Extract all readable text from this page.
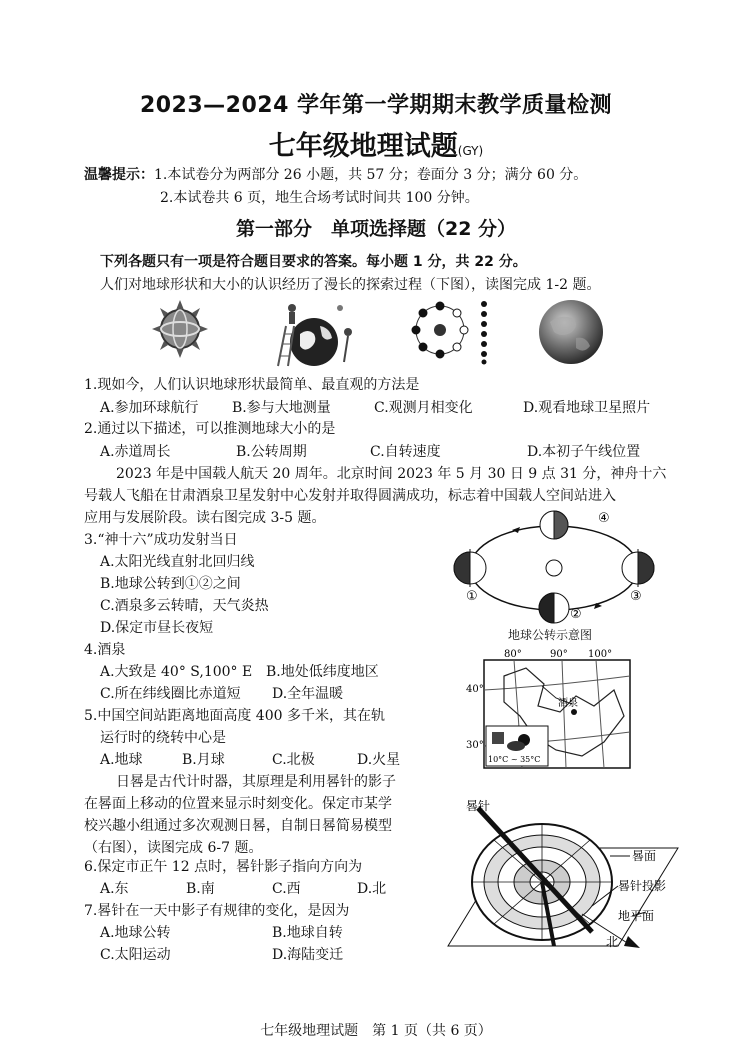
2023—2024 学年第一学期期末教学质量检测
七年级地理试题(GY)
温馨提示：1.本试卷分为两部分 26 小题，共 57 分；卷面分 3 分；满分 60 分。
2.本试卷共 6 页，地生合场考试时间共 100 分钟。
第一部分　单项选择题（22 分）
下列各题只有一项是符合题目要求的答案。每小题 1 分，共 22 分。
人们对地球形状和大小的认识经历了漫长的探索过程（下图），读图完成 1-2 题。
1.现如今，人们认识地球形状最简单、最直观的方法是
A.参加环球航行 B.参与大地测量	C.观测月相变化	D.观看地球卫星照片
2.通过以下描述，可以推测地球大小的是
A.赤道周长	B.公转周期	C.自转速度	D.本初子午线位置
2023 年是中国载人航天 20 周年。北京时间 2023 年 5 月 30 日 9 点 31 分，神舟十六
号载人飞船在甘肃酒泉卫星发射中心发射并取得圆满成功，标志着中国载人空间站进入
应用与发展阶段。读右图完成 3-5 题。
3.“神十六”成功发射当日
A.太阳光线直射北回归线
B.地球公转到①②之间
C.酒泉多云转晴，天气炎热
D.保定市昼长夜短
4.酒泉
A.大致是 40° S,100° E B.地处低纬度地区
C.所在纬线圈比赤道短 D.全年温暖
5.中国空间站距离地面高度 400 多千米，其在轨
运行时的绕转中心是
A.地球	B.月球	C.北极	D.火星
日晷是古代计时器，其原理是利用晷针的影子
在晷面上移动的位置来显示时刻变化。保定市某学
校兴趣小组通过多次观测日晷，自制日晷简易模型
（右图），读图完成 6-7 题。
6.保定市正午 12 点时，晷针影子指向方向为
A.东	B.南	C.西	D.北
7.晷针在一天中影子有规律的变化，是因为
A.地球公转	B.地球自转
C.太阳运动	D.海陆变迁
④
②
①	③
地球公转示意图
80°	90° 100°
40°
30°
酒泉
10°C ~ 35°C
晷针
晷面
晷针投影
地平面
北
七年级地理试题　第 1 页（共 6 页）
